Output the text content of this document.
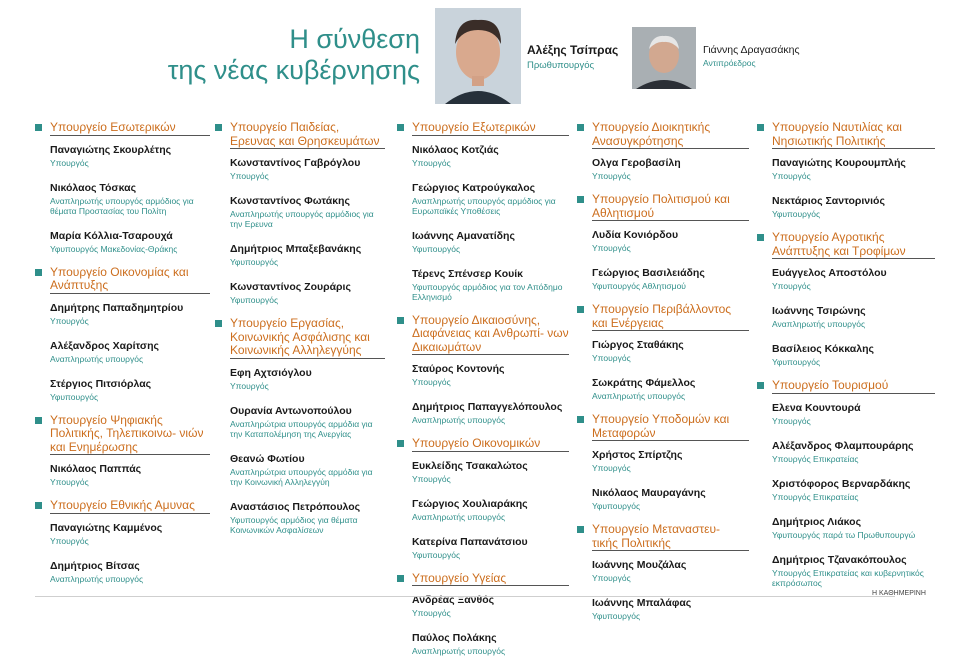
Η σύνθεση
της νέας κυβέρνησης
Αλέξης Τσίπρας
Πρωθυπουργός
Γιάννης Δραγασάκης
Αντιπρόεδρος
Υπουργείο Εσωτερικών
Παναγιώτης Σκουρλέτης
Υπουργός
Νικόλαος Τόσκας
Αναπληρωτής υπουργός αρμόδιος για θέματα Προστασίας του Πολίτη
Μαρία Κόλλια-Τσαρουχά
Υφυπουργός Μακεδονίας-Θράκης
Υπουργείο Οικονομίας και Ανάπτυξης
Δημήτρης Παπαδημητρίου
Υπουργός
Αλέξανδρος Χαρίτσης
Αναπληρωτής υπουργός
Στέργιος Πιτσιόρλας
Υφυπουργός
Υπουργείο Ψηφιακής Πολιτικής, Τηλεπικοινω- νιών και Ενημέρωσης
Νικόλαος Παππάς
Υπουργός
Υπουργείο Εθνικής Αμυνας
Παναγιώτης Καμμένος
Υπουργός
Δημήτριος Βίτσας
Αναπληρωτής υπουργός
Υπουργείο Παιδείας, Ερευνας και Θρησκευμάτων
Κωνσταντίνος Γαβρόγλου
Υπουργός
Κωνσταντίνος Φωτάκης
Αναπληρωτής υπουργός αρμόδιος για την Ερευνα
Δημήτριος Μπαξεβανάκης
Υφυπουργός
Κωνσταντίνος Ζουράρις
Υφυπουργός
Υπουργείο Εργασίας, Κοινωνικής Ασφάλισης και Κοινωνικής Αλληλεγγύης
Εφη Αχτσιόγλου
Υπουργός
Ουρανία Αντωνοπούλου
Αναπληρώτρια υπουργός αρμόδια για την Καταπολέμηση της Ανεργίας
Θεανώ Φωτίου
Αναπληρώτρια υπουργός αρμόδια για την Κοινωνική Αλληλεγγύη
Αναστάσιος Πετρόπουλος
Υφυπουργός αρμόδιος για θέματα Κοινωνικών Ασφαλίσεων
Υπουργείο Εξωτερικών
Νικόλαος Κοτζιάς
Υπουργός
Γεώργιος Κατρούγκαλος
Αναπληρωτής υπουργός αρμόδιος για Ευρωπαϊκές Υποθέσεις
Ιωάννης Αμανατίδης
Υφυπουργός
Τέρενς Σπένσερ Κουίκ
Υφυπουργός αρμόδιος για τον Απόδημο Ελληνισμό
Υπουργείο Δικαιοσύνης, Διαφάνειας και Ανθρωπί- νων Δικαιωμάτων
Σταύρος Κοντονής
Υπουργός
Δημήτριος Παπαγγελόπουλος
Αναπληρωτής υπουργός
Υπουργείο Οικονομικών
Ευκλείδης Τσακαλώτος
Υπουργός
Γεώργιος Χουλιαράκης
Αναπληρωτής υπουργός
Κατερίνα Παπανάτσιου
Υφυπουργός
Υπουργείο Υγείας
Ανδρέας Ξανθός
Υπουργός
Παύλος Πολάκης
Αναπληρωτής υπουργός
Υπουργείο Διοικητικής Ανασυγκρότησης
Ολγα Γεροβασίλη
Υπουργός
Υπουργείο Πολιτισμού και Αθλητισμού
Λυδία Κονιόρδου
Υπουργός
Γεώργιος Βασιλειάδης
Υφυπουργός Αθλητισμού
Υπουργείο Περιβάλλοντος και Ενέργειας
Γιώργος Σταθάκης
Υπουργός
Σωκράτης Φάμελλος
Αναπληρωτής υπουργός
Υπουργείο Υποδομών και Μεταφορών
Χρήστος Σπίρτζης
Υπουργός
Νικόλαος Μαυραγάνης
Υφυπουργός
Υπουργείο Μεταναστευ- τικής Πολιτικής
Ιωάννης Μουζάλας
Υπουργός
Ιωάννης Μπαλάφας
Υφυπουργός
Υπουργείο Ναυτιλίας και Νησιωτικής Πολιτικής
Παναγιώτης Κουρουμπλής
Υπουργός
Νεκτάριος Σαντορινιός
Υφυπουργός
Υπουργείο Αγροτικής Ανάπτυξης και Τροφίμων
Ευάγγελος Αποστόλου
Υπουργός
Ιωάννης Τσιρώνης
Αναπληρωτής υπουργός
Βασίλειος Κόκκαλης
Υφυπουργός
Υπουργείο Τουρισμού
Ελενα Κουντουρά
Υπουργός
Αλέξανδρος Φλαμπουράρης
Υπουργός Επικρατείας
Χριστόφορος Βερναρδάκης
Υπουργός Επικρατείας
Δημήτριος Λιάκος
Υφυπουργός παρά τω Πρωθυπουργώ
Δημήτριος Τζανακόπουλος
Υπουργός Επικρατείας και κυβερνητικός εκπρόσωπος
Η ΚΑΘΗΜΕΡΙΝΗ
